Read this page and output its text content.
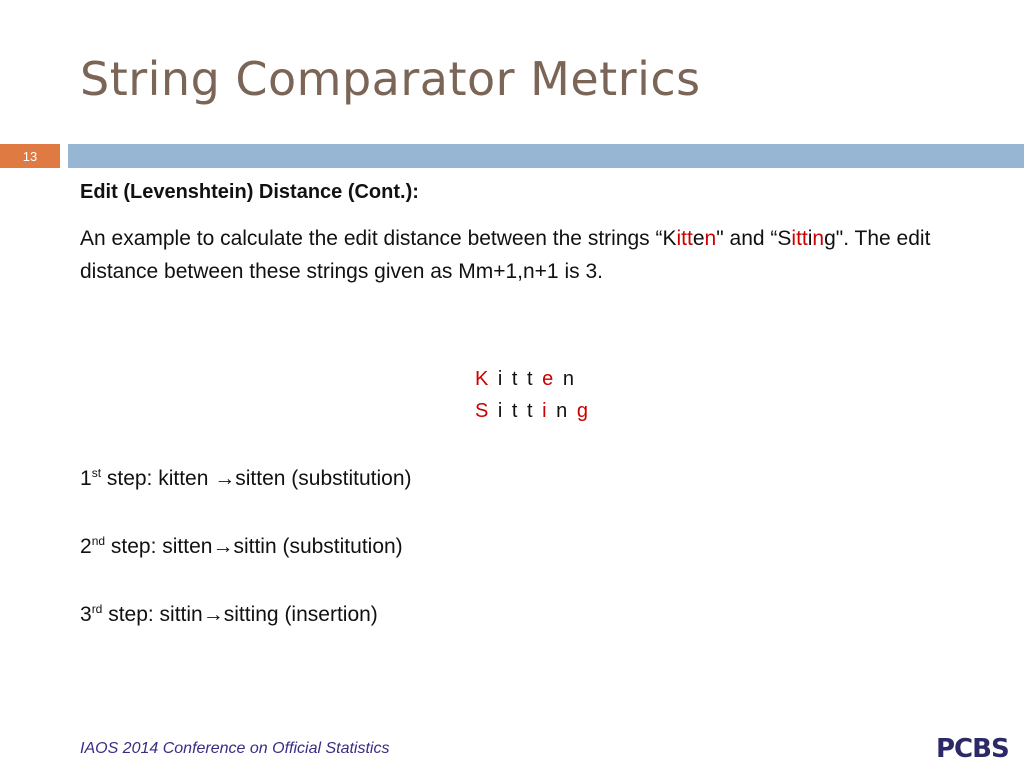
String Comparator Metrics
13

Edit (Levenshtein) Distance (Cont.):

An example to calculate the edit distance between the strings “Kitten" and “Sitting". The edit distance between these strings given as Mm+1,n+1 is 3.
K i t t e n
S i t t i n g
1st step: kitten →sitten (substitution)
2nd step: sitten→sittin (substitution)
3rd step: sittin→sitting (insertion)
IAOS 2014 Conference on Official Statistics	PCBS
